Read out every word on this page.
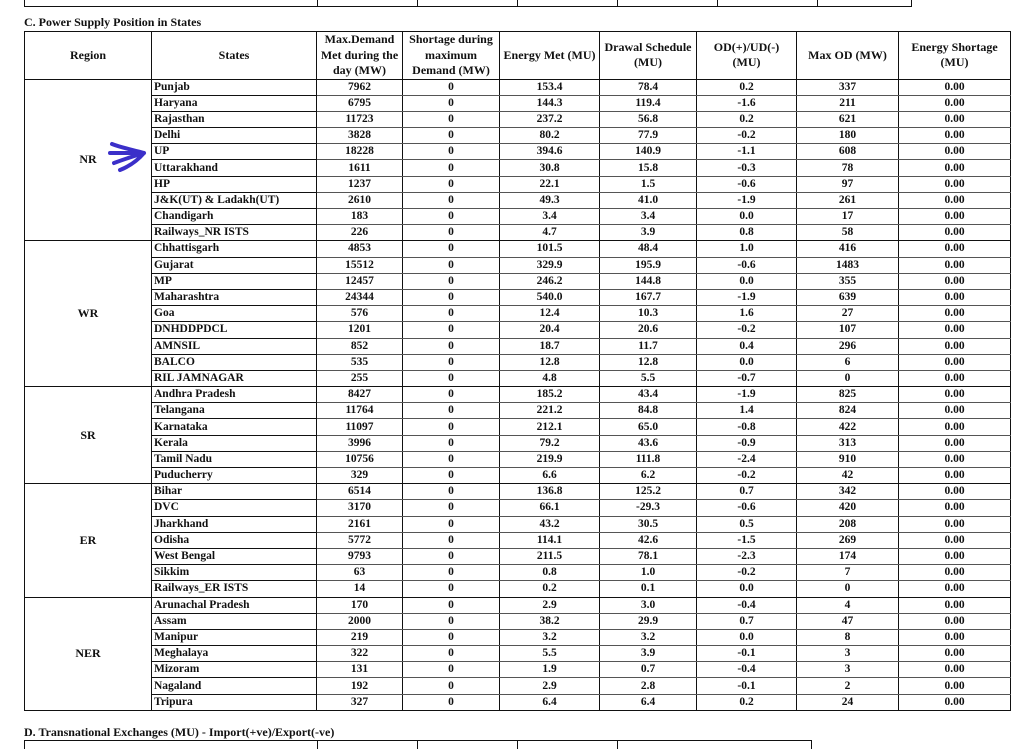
C. Power Supply Position in States
Region	States	Max.Demand Met during the day (MW)	Shortage during maximum Demand (MW)	Energy Met (MU)	Drawal Schedule (MU)	OD(+)/UD(-) (MU)	Max OD (MW)	Energy Shortage (MU)
NR	Punjab	7962	0	153.4	78.4	0.2	337	0.00
	Haryana	6795	0	144.3	119.4	-1.6	211	0.00
	Rajasthan	11723	0	237.2	56.8	0.2	621	0.00
	Delhi	3828	0	80.2	77.9	-0.2	180	0.00
	UP	18228	0	394.6	140.9	-1.1	608	0.00
	Uttarakhand	1611	0	30.8	15.8	-0.3	78	0.00
	HP	1237	0	22.1	1.5	-0.6	97	0.00
	J&K(UT) & Ladakh(UT)	2610	0	49.3	41.0	-1.9	261	0.00
	Chandigarh	183	0	3.4	3.4	0.0	17	0.00
	Railways_NR ISTS	226	0	4.7	3.9	0.8	58	0.00
WR	Chhattisgarh	4853	0	101.5	48.4	1.0	416	0.00
	Gujarat	15512	0	329.9	195.9	-0.6	1483	0.00
	MP	12457	0	246.2	144.8	0.0	355	0.00
	Maharashtra	24344	0	540.0	167.7	-1.9	639	0.00
	Goa	576	0	12.4	10.3	1.6	27	0.00
	DNHDDPDCL	1201	0	20.4	20.6	-0.2	107	0.00
	AMNSIL	852	0	18.7	11.7	0.4	296	0.00
	BALCO	535	0	12.8	12.8	0.0	6	0.00
	RIL JAMNAGAR	255	0	4.8	5.5	-0.7	0	0.00
SR	Andhra Pradesh	8427	0	185.2	43.4	-1.9	825	0.00
	Telangana	11764	0	221.2	84.8	1.4	824	0.00
	Karnataka	11097	0	212.1	65.0	-0.8	422	0.00
	Kerala	3996	0	79.2	43.6	-0.9	313	0.00
	Tamil Nadu	10756	0	219.9	111.8	-2.4	910	0.00
	Puducherry	329	0	6.6	6.2	-0.2	42	0.00
ER	Bihar	6514	0	136.8	125.2	0.7	342	0.00
	DVC	3170	0	66.1	-29.3	-0.6	420	0.00
	Jharkhand	2161	0	43.2	30.5	0.5	208	0.00
	Odisha	5772	0	114.1	42.6	-1.5	269	0.00
	West Bengal	9793	0	211.5	78.1	-2.3	174	0.00
	Sikkim	63	0	0.8	1.0	-0.2	7	0.00
	Railways_ER ISTS	14	0	0.2	0.1	0.0	0	0.00
NER	Arunachal Pradesh	170	0	2.9	3.0	-0.4	4	0.00
	Assam	2000	0	38.2	29.9	0.7	47	0.00
	Manipur	219	0	3.2	3.2	0.0	8	0.00
	Meghalaya	322	0	5.5	3.9	-0.1	3	0.00
	Mizoram	131	0	1.9	0.7	-0.4	3	0.00
	Nagaland	192	0	2.9	2.8	-0.1	2	0.00
	Tripura	327	0	6.4	6.4	0.2	24	0.00
D. Transnational Exchanges (MU) - Import(+ve)/Export(-ve)
